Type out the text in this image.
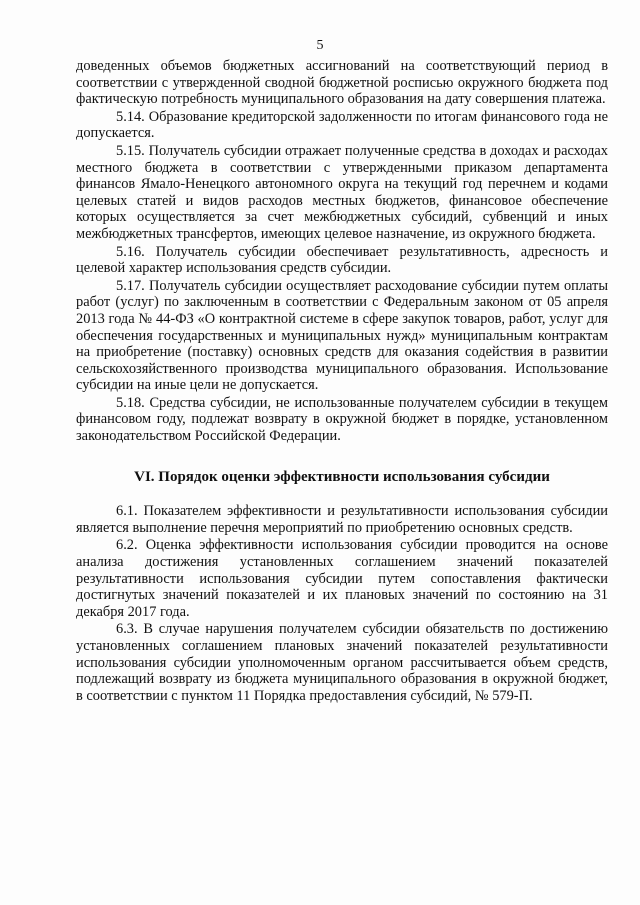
5

доведенных объемов бюджетных ассигнований на соответствующий период в соответствии с утвержденной сводной бюджетной росписью окружного бюджета под фактическую потребность муниципального образования на дату совершения платежа.

5.14. Образование кредиторской задолженности по итогам финансового года не допускается.

5.15. Получатель субсидии отражает полученные средства в доходах и расходах местного бюджета в соответствии с утвержденными приказом департамента финансов Ямало-Ненецкого автономного округа на текущий год перечнем и кодами целевых статей и видов расходов местных бюджетов, финансовое обеспечение которых осуществляется за счет межбюджетных субсидий, субвенций и иных межбюджетных трансфертов, имеющих целевое назначение, из окружного бюджета.

5.16. Получатель субсидии обеспечивает результативность, адресность и целевой характер использования средств субсидии.

5.17. Получатель субсидии осуществляет расходование субсидии путем оплаты работ (услуг) по заключенным в соответствии с Федеральным законом от 05 апреля 2013 года № 44-ФЗ «О контрактной системе в сфере закупок товаров, работ, услуг для обеспечения государственных и муниципальных нужд» муниципальным контрактам на приобретение (поставку) основных средств для оказания содействия в развитии сельскохозяйственного производства муниципального образования. Использование субсидии на иные цели не допускается.

5.18. Средства субсидии, не использованные получателем субсидии в текущем финансовом году, подлежат возврату в окружной бюджет в порядке, установленном законодательством Российской Федерации.

VI. Порядок оценки эффективности использования субсидии

6.1. Показателем эффективности и результативности использования субсидии является выполнение перечня мероприятий по приобретению основных средств.

6.2. Оценка эффективности использования субсидии проводится на основе анализа достижения установленных соглашением значений показателей результативности использования субсидии путем сопоставления фактически достигнутых значений показателей и их плановых значений по состоянию на 31 декабря 2017 года.

6.3. В случае нарушения получателем субсидии обязательств по достижению установленных соглашением плановых значений показателей результативности использования субсидии уполномоченным органом рассчитывается объем средств, подлежащий возврату из бюджета муниципального образования в окружной бюджет, в соответствии с пунктом 11 Порядка предоставления субсидий, № 579-П.
